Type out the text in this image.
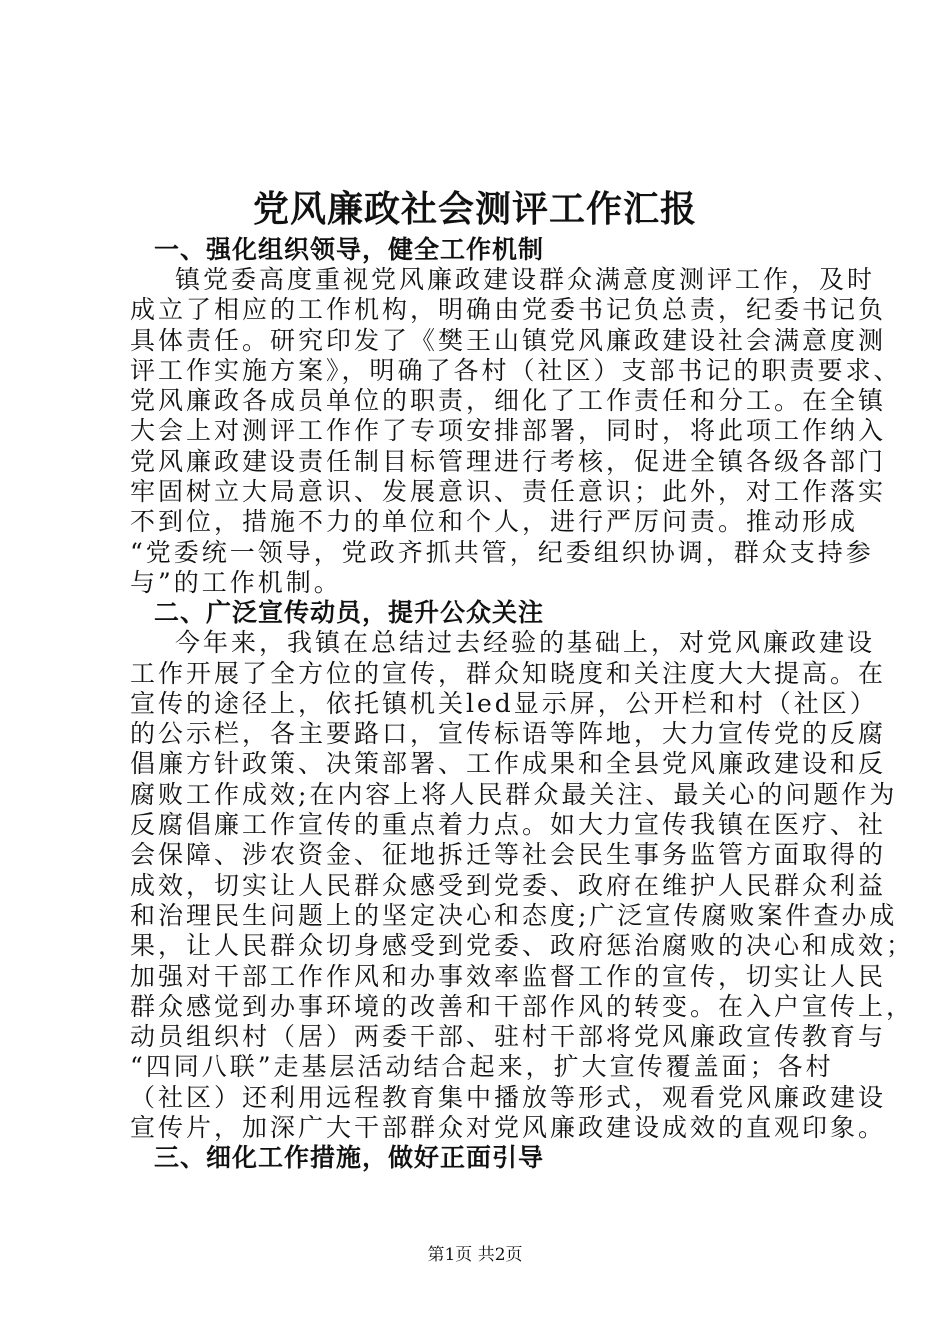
党风廉政社会测评工作汇报
一、强化组织领导，健全工作机制
镇党委高度重视党风廉政建设群众满意度测评工作，及时
成立了相应的工作机构，明确由党委书记负总责，纪委书记负
具体责任。研究印发了《樊王山镇党风廉政建设社会满意度测
评工作实施方案》，明确了各村（社区）支部书记的职责要求、
党风廉政各成员单位的职责，细化了工作责任和分工。在全镇
大会上对测评工作作了专项安排部署，同时，将此项工作纳入
党风廉政建设责任制目标管理进行考核，促进全镇各级各部门
牢固树立大局意识、发展意识、责任意识；此外，对工作落实
不到位，措施不力的单位和个人，进行严厉问责。推动形成
“党委统一领导，党政齐抓共管，纪委组织协调，群众支持参
与”的工作机制。
二、广泛宣传动员，提升公众关注
今年来，我镇在总结过去经验的基础上，对党风廉政建设
工作开展了全方位的宣传，群众知晓度和关注度大大提高。在
宣传的途径上，依托镇机关led显示屏，公开栏和村（社区）
的公示栏，各主要路口，宣传标语等阵地，大力宣传党的反腐
倡廉方针政策、决策部署、工作成果和全县党风廉政建设和反
腐败工作成效;在内容上将人民群众最关注、最关心的问题作为
反腐倡廉工作宣传的重点着力点。如大力宣传我镇在医疗、社
会保障、涉农资金、征地拆迁等社会民生事务监管方面取得的
成效，切实让人民群众感受到党委、政府在维护人民群众利益
和治理民生问题上的坚定决心和态度;广泛宣传腐败案件查办成
果，让人民群众切身感受到党委、政府惩治腐败的决心和成效；
加强对干部工作作风和办事效率监督工作的宣传，切实让人民
群众感觉到办事环境的改善和干部作风的转变。在入户宣传上，
动员组织村（居）两委干部、驻村干部将党风廉政宣传教育与
“四同八联”走基层活动结合起来，扩大宣传覆盖面；各村
（社区）还利用远程教育集中播放等形式，观看党风廉政建设
宣传片，加深广大干部群众对党风廉政建设成效的直观印象。
三、细化工作措施，做好正面引导
第1页 共2页
